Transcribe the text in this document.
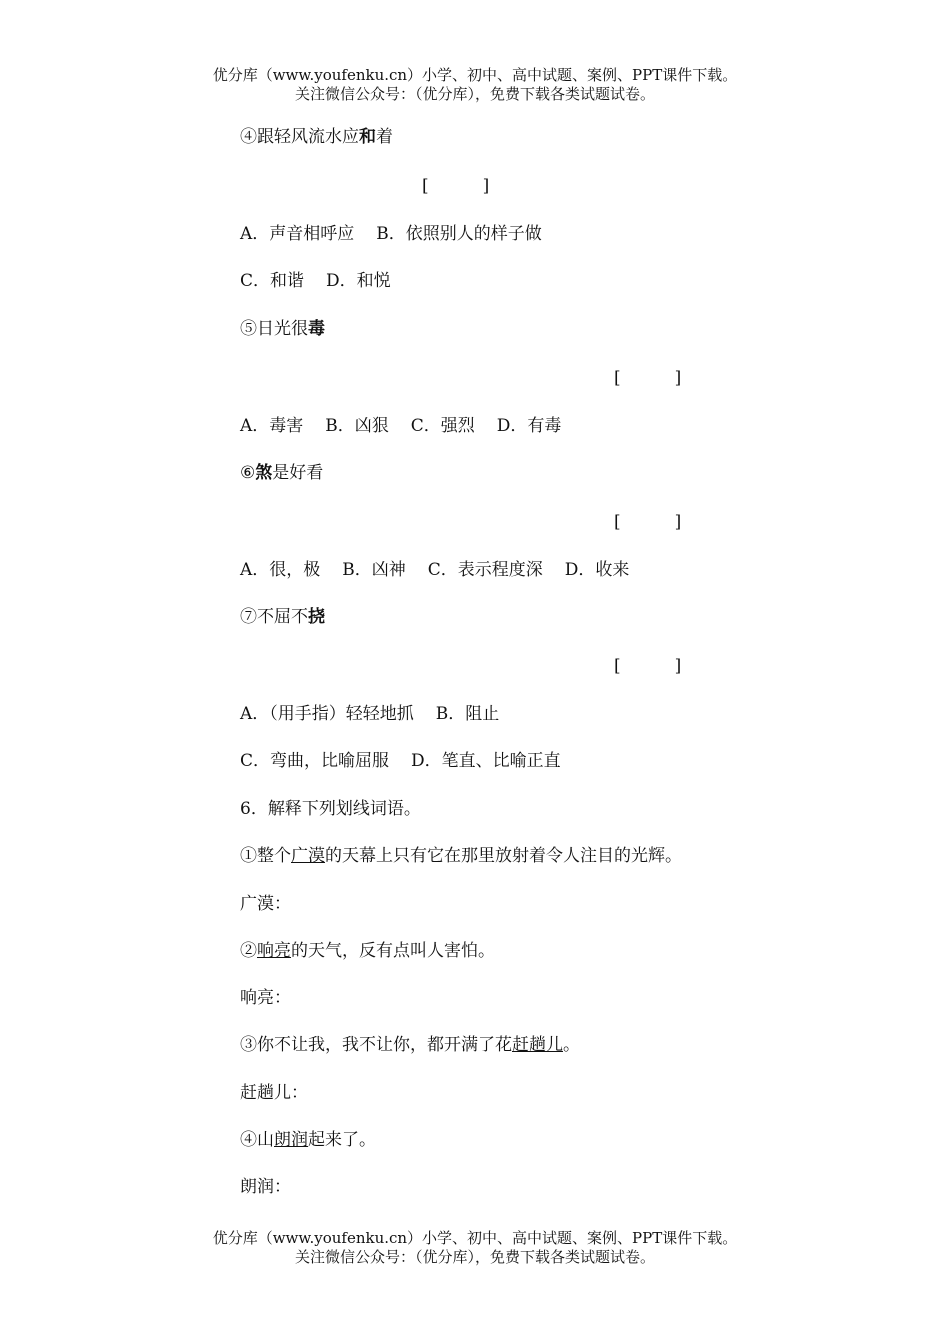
优分库（www.youfenku.cn）小学、初中、高中试题、案例、PPT课件下载。
关注微信公众号：（优分库），免费下载各类试题试卷。
④跟轻风流水应和着
[          ]
A．声音相呼应 B．依照别人的样子做
C．和谐 D．和悦
⑤日光很毒
[          ]
A．毒害 B．凶狠 C．强烈 D．有毒
⑥煞是好看
[          ]
A．很，极 B．凶神 C．表示程度深 D．收来
⑦不屈不挠
[          ]
A．（用手指）轻轻地抓 B．阻止
C．弯曲，比喻屈服 D．笔直、比喻正直
6．解释下列划线词语。
①整个广漠的天幕上只有它在那里放射着令人注目的光辉。
广漠：
②响亮的天气，反有点叫人害怕。
响亮：
③你不让我，我不让你，都开满了花赶趟儿。
赶趟儿：
④山朗润起来了。
朗润：
优分库（www.youfenku.cn）小学、初中、高中试题、案例、PPT课件下载。
关注微信公众号：（优分库），免费下载各类试题试卷。
